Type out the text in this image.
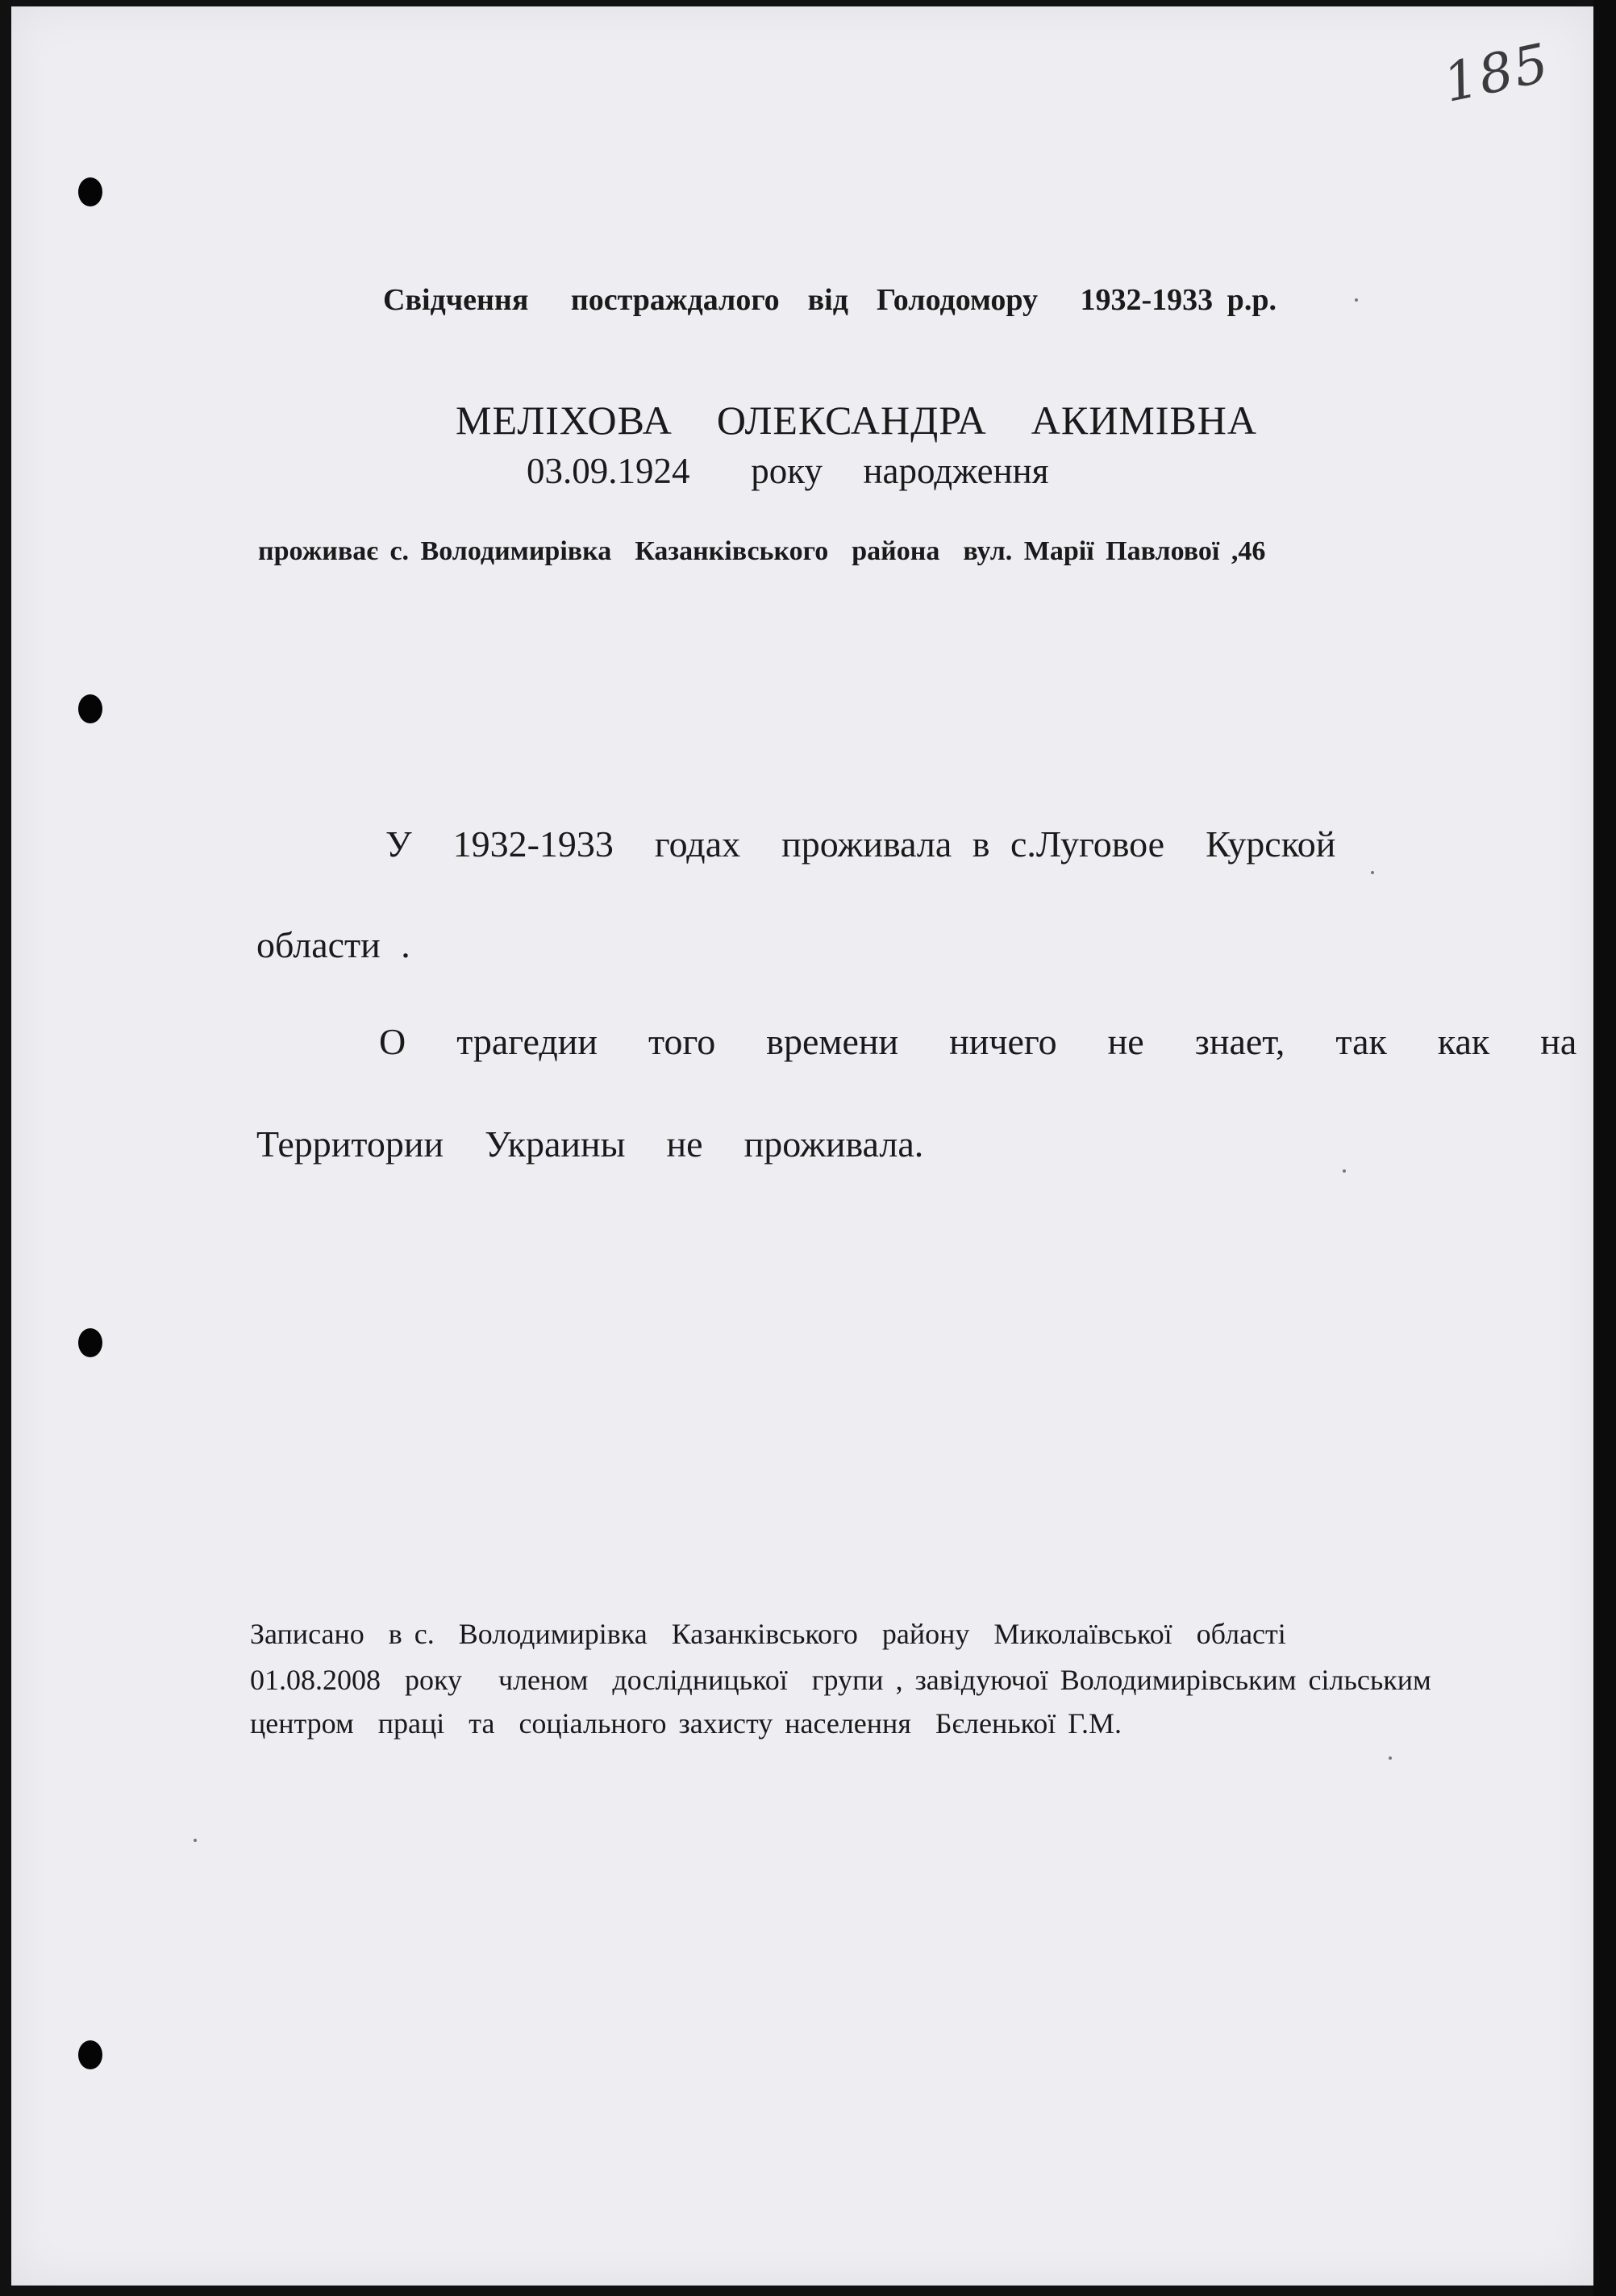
185
Свідчення   постраждалого  від  Голодомору   1932-1933 р.р.
МЕЛІХОВА  ОЛЕКСАНДРА  АКИМІВНА
03.09.1924   року  народження
проживає с. Володимирівка  Казанківського  района  вул. Марії Павлової ,46
У  1932-1933  годах  проживала в с.Луговое  Курской
области .
О  трагедии  того  времени  ничего  не  знает,  так  как  на
Территории  Украины  не  проживала.
Записано  в с.  Володимирівка  Казанківського  району  Миколаївської  області
01.08.2008  року   членом  дослідницької  групи , завідуючої Володимирівським сільським
центром  праці  та  соціального захисту населення  Бєленької Г.М.
